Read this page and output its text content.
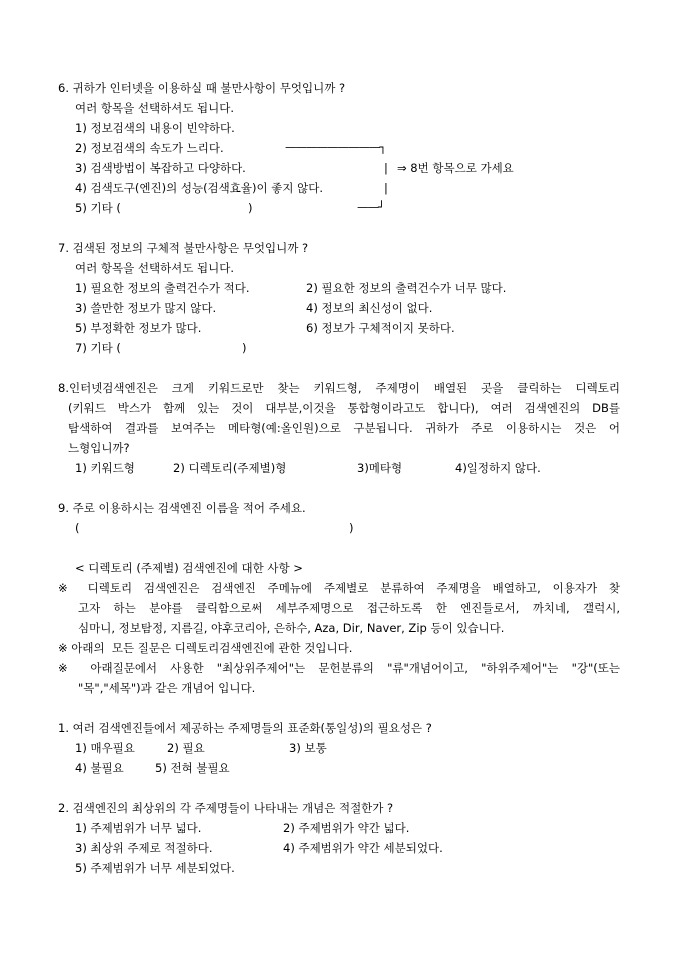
6. 귀하가 인터넷을 이용하실 때 불만사항이 무엇입니까 ?
여러 항목을 선택하셔도 됩니다.
1) 정보검색의 내용이 빈약하다.
2) 정보검색의 속도가 느리다.	—————————┐
3) 검색방법이 복잡하고 다양하다.	| ⇒ 8번 항목으로 가세요
4) 검색도구(엔진)의 성능(검색효율)이 좋지 않다.	|
5) 기타 (	)	——┘
7. 검색된 정보의 구체적 불만사항은 무엇입니까 ?
여러 항목을 선택하셔도 됩니다.
1) 필요한 정보의 출력건수가 적다.	2) 필요한 정보의 출력건수가 너무 많다.
3) 쓸만한 정보가 많지 않다.	4) 정보의 최신성이 없다.
5) 부정확한 정보가 많다.	6) 정보가 구체적이지 못하다.
7) 기타 (	)
8.인터넷검색엔진은 크게 키워드로만 찾는 키워드형, 주제명이 배열된 곳을 클릭하는 디렉토리
(키워드 박스가 함께 있는 것이 대부분,이것을 통합형이라고도 합니다), 여러 검색엔진의 DB를
탐색하여 결과를 보여주는 메타형(예:올인원)으로 구분됩니다. 귀하가 주로 이용하시는 것은 어
느형입니까?
1) 키워드형	2) 디렉토리(주제별)형	3)메타형	4)일정하지 않다.
9. 주로 이용하시는 검색엔진 이름을 적어 주세요.
(	)
< 디렉토리 (주제별) 검색엔진에 대한 사항 >
※ 디렉토리 검색엔진은 검색엔진 주메뉴에 주제별로 분류하여 주제명을 배열하고, 이용자가 찾
고자 하는 분야를 클릭함으로써 세부주제명으로 접근하도록 한 엔진들로서, 까치네, 갤럭시,
심마니, 정보탐정, 지름길, 야후코리아, 은하수, Aza, Dir, Naver, Zip 등이 있습니다.
※ 아래의  모든 질문은 디렉토리검색엔진에 관한 것입니다.
※ 아래질문에서 사용한 "최상위주제어"는 문헌분류의 "류"개념어이고, "하위주제어"는 "강"(또는
"목","세목")과 같은 개념어 입니다.
1. 여러 검색엔진들에서 제공하는 주제명들의 표준화(통일성)의 필요성은 ?
1) 매우필요	2) 필요	3) 보통
4) 불필요	5) 전혀 불필요
2. 검색엔진의 최상위의 각 주제명들이 나타내는 개념은 적절한가 ?
1) 주제범위가 너무 넓다.	2) 주제범위가 약간 넓다.
3) 최상위 주제로 적절하다.	4) 주제범위가 약간 세분되었다.
5) 주제범위가 너무 세분되었다.
